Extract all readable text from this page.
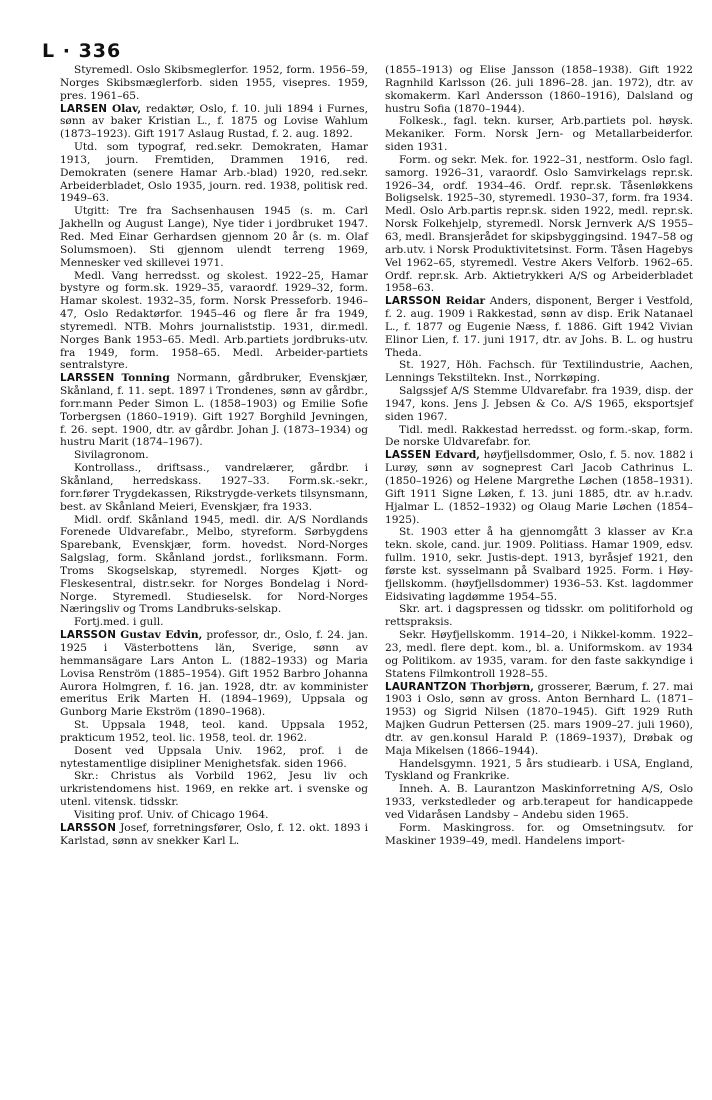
L · 336

Styremedl. Oslo Skibsmeglerfor. 1952, form. 1956–59, Norges Skibsmæglerforb. siden 1955, visepres. 1959, pres. 1961–65.

LARSEN Olav, redaktør, Oslo, f. 10. juli 1894 i Furnes, sønn av baker Kristian L., f. 1875 og Lovise Wahlum (1873–1923). Gift 1917 Aslaug Rustad, f. 2. aug. 1892.

Utd. som typograf, red.sekr. Demokraten, Hamar 1913, journ. Fremtiden, Drammen 1916, red. Demokraten (senere Hamar Arb.-blad) 1920, red.sekr. Arbeiderbladet, Oslo 1935, journ. red. 1938, politisk red. 1949–63.

Utgitt: Tre fra Sachsenhausen 1945 (s. m. Carl Jakhelln og August Lange), Nye tider i jordbruket 1947. Red. Med Einar Gerhardsen gjennom 20 år (s. m. Olaf Solumsmoen). Sti gjennom ulendt terreng 1969, Mennesker ved skillevei 1971.

Medl. Vang herredsst. og skolest. 1922–25, Hamar bystyre og form.sk. 1929–35, varaordf. 1929–32, form. Hamar skolest. 1932–35, form. Norsk Presseforb. 1946–47, Oslo Redaktørfor. 1945–46 og flere år fra 1949, styremedl. NTB. Mohrs journaliststip. 1931, dir.medl. Norges Bank 1953–65. Medl. Arb.partiets jordbruks-utv. fra 1949, form. 1958–65. Medl. Arbeider-partiets sentralstyre.

LARSSEN Tonning Normann, gårdbruker, Evenskjær, Skånland, f. 11. sept. 1897 i Trondenes, sønn av gårdbr., forr.mann Peder Simon L. (1858–1903) og Emilie Sofie Torbergsen (1860–1919). Gift 1927 Borghild Jevningen, f. 26. sept. 1900, dtr. av gårdbr. Johan J. (1873–1934) og hustru Marit (1874–1967).

Sivilagronom.

Kontrollass., driftsass., vandrelærer, gårdbr. i Skånland, herredskass. 1927–33. Form.sk.-sekr., forr.fører Trygdekassen, Rikstrygde-verkets tilsynsmann, best. av Skånland Meieri, Evenskjær, fra 1933.

Midl. ordf. Skånland 1945, medl. dir. A/S Nordlands Forenede Uldvarefabr., Melbo, styreform. Sørbygdens Sparebank, Evenskjær, form. hovedst. Nord-Norges Salgslag, form. Skånland jordst., forliksmann. Form. Troms Skogselskap, styremedl. Norges Kjøtt- og Fleskesentral, distr.sekr. for Norges Bondelag i Nord-Norge. Styremedl. Studieselsk. for Nord-Norges Næringsliv og Troms Landbruks-selskap.

Fortj.med. i gull.

LARSSON Gustav Edvin, professor, dr., Oslo, f. 24. jan. 1925 i Västerbottens län, Sverige, sønn av hemmansägare Lars Anton L. (1882–1933) og Maria Lovisa Renström (1885–1954). Gift 1952 Barbro Johanna Aurora Holmgren, f. 16. jan. 1928, dtr. av komminister emeritus Erik Marten H. (1894–1969), Uppsala og Gunborg Marie Ekström (1890–1968).

St. Uppsala 1948, teol. kand. Uppsala 1952, prakticum 1952, teol. lic. 1958, teol. dr. 1962.

Dosent ved Uppsala Univ. 1962, prof. i de nytestamentlige disipliner Menighetsfak. siden 1966.

Skr.: Christus als Vorbild 1962, Jesu liv och urkristendomens hist. 1969, en rekke art. i svenske og utenl. vitensk. tidsskr.

Visiting prof. Univ. of Chicago 1964.

LARSSON Josef, forretningsfører, Oslo, f. 12. okt. 1893 i Karlstad, sønn av snekker Karl L.

(1855–1913) og Elise Jansson (1858–1938). Gift 1922 Ragnhild Karlsson (26. juli 1896–28. jan. 1972), dtr. av skomakerm. Karl Andersson (1860–1916), Dalsland og hustru Sofia (1870–1944).

Folkesk., fagl. tekn. kurser, Arb.partiets pol. høysk. Mekaniker. Form. Norsk Jern- og Metallarbeiderfor. siden 1931.

Form. og sekr. Mek. for. 1922–31, nestform. Oslo fagl. samorg. 1926–31, varaordf. Oslo Samvirkelags repr.sk. 1926–34, ordf. 1934–46. Ordf. repr.sk. Tåsenløkkens Boligselsk. 1925–30, styremedl. 1930–37, form. fra 1934. Medl. Oslo Arb.partis repr.sk. siden 1922, medl. repr.sk. Norsk Folkehjelp, styremedl. Norsk Jernverk A/S 1955–63, medl. Bransjerådet for skipsbyggingsind. 1947–58 og arb.utv. i Norsk Produktivitetsinst. Form. Tåsen Hagebys Vel 1962–65, styremedl. Vestre Akers Velforb. 1962–65. Ordf. repr.sk. Arb. Aktietrykkeri A/S og Arbeiderbladet 1958–63.

LARSSON Reidar Anders, disponent, Berger i Vestfold, f. 2. aug. 1909 i Rakkestad, sønn av disp. Erik Natanael L., f. 1877 og Eugenie Næss, f. 1886. Gift 1942 Vivian Elinor Lien, f. 17. juni 1917, dtr. av Johs. B. L. og hustru Theda.

St. 1927, Höh. Fachsch. für Textilindustrie, Aachen, Lennings Tekstiltekn. Inst., Norrkøping.

Salgssjef A/S Stemme Uldvarefabr. fra 1939, disp. der 1947, kons. Jens J. Jebsen & Co. A/S 1965, eksportsjef siden 1967.

Tidl. medl. Rakkestad herredsst. og form.-skap, form. De norske Uldvarefabr. for.

LASSEN Edvard, høyfjellsdommer, Oslo, f. 5. nov. 1882 i Lurøy, sønn av sogneprest Carl Jacob Cathrinus L. (1850–1926) og Helene Margrethe Løchen (1858–1931). Gift 1911 Signe Løken, f. 13. juni 1885, dtr. av h.r.adv. Hjalmar L. (1852–1932) og Olaug Marie Løchen (1854–1925).

St. 1903 etter å ha gjennomgått 3 klasser av Kr.a tekn. skole, cand. jur. 1909. Politiass. Hamar 1909, edsv. fullm. 1910, sekr. Justis-dept. 1913, byråsjef 1921, den første kst. sysselmann på Svalbard 1925. Form. i Høy-fjellskomm. (høyfjellsdommer) 1936–53. Kst. lagdommer Eidsivating lagdømme 1954–55.

Skr. art. i dagspressen og tidsskr. om politiforhold og rettspraksis.

Sekr. Høyfjellskomm. 1914–20, i Nikkel-komm. 1922–23, medl. flere dept. kom., bl. a. Uniformskom. av 1934 og Politikom. av 1935, varam. for den faste sakkyndige i Statens Filmkontroll 1928–55.

LAURANTZON Thorbjørn, grosserer, Bærum, f. 27. mai 1903 i Oslo, sønn av gross. Anton Bernhard L. (1871–1953) og Sigrid Nilsen (1870–1945). Gift 1929 Ruth Majken Gudrun Pettersen (25. mars 1909–27. juli 1960), dtr. av gen.konsul Harald P. (1869–1937), Drøbak og Maja Mikelsen (1866–1944).

Handelsgymn. 1921, 5 års studiearb. i USA, England, Tyskland og Frankrike.

Inneh. A. B. Laurantzon Maskinforretning A/S, Oslo 1933, verkstedleder og arb.terapeut for handicappede ved Vidaråsen Landsby – Andebu siden 1965.

Form. Maskingross. for. og Omsetningsutv. for Maskiner 1939–49, medl. Handelens import-
